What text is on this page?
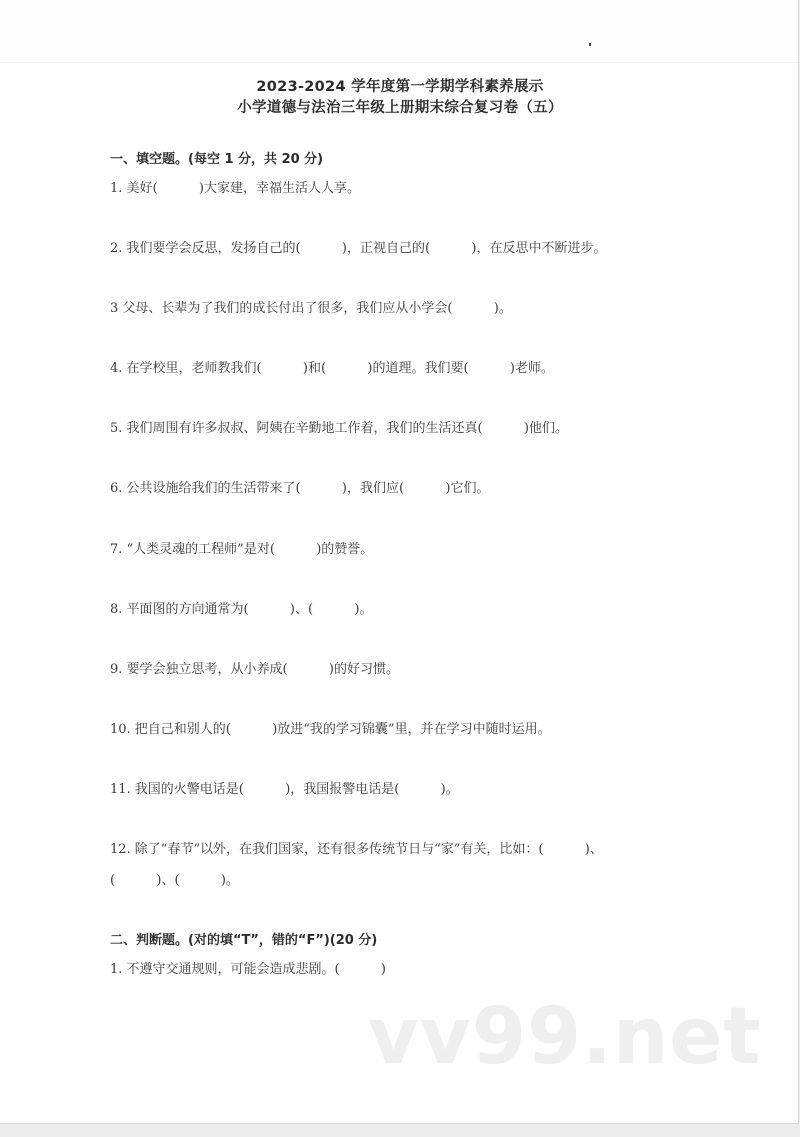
2023-2024 学年度第一学期学科素养展示
小学道德与法治三年级上册期末综合复习卷（五）
一、填空题。(每空 1 分，共 20 分)
1. 美好(          )大家建，幸福生活人人享。
2. 我们要学会反思，发扬自己的(          )，正视自己的(          )，在反思中不断进步。
3 父母、长辈为了我们的成长付出了很多，我们应从小学会(          )。
4. 在学校里，老师教我们(          )和(          )的道理。我们要(          )老师。
5. 我们周围有许多叔叔、阿姨在辛勤地工作着，我们的生活还真(          )他们。
6. 公共设施给我们的生活带来了(          )，我们应(          )它们。
7. “人类灵魂的工程师”是对(          )的赞誉。
8. 平面图的方向通常为(          )、(          )。
9. 要学会独立思考，从小养成(          )的好习惯。
10. 把自己和别人的(          )放进“我的学习锦囊”里，并在学习中随时运用。
11. 我国的火警电话是(          )，我国报警电话是(          )。
12. 除了“春节”以外，在我们国家，还有很多传统节日与“家”有关，比如：(          )、
(          )、(          )。
二、判断题。(对的填“T”，错的“F”)(20 分)
1. 不遵守交通规则，可能会造成悲剧。(          )
vv99.net
